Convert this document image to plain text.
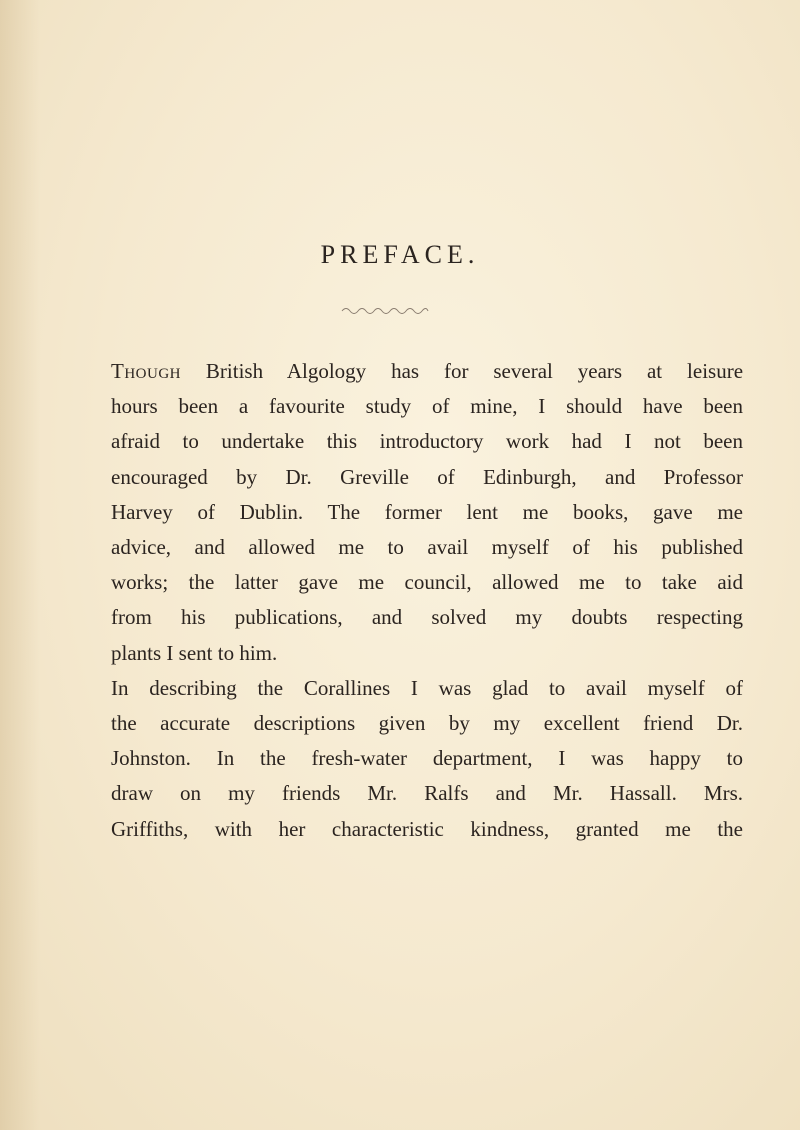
PREFACE.
Though British Algology has for several years at leisure
hours been a favourite study of mine, I should have been
afraid to undertake this introductory work had I not been
encouraged by Dr. Greville of Edinburgh, and Professor
Harvey of Dublin. The former lent me books, gave me
advice, and allowed me to avail myself of his published
works; the latter gave me council, allowed me to take aid
from his publications, and solved my doubts respecting
plants I sent to him.
In describing the Corallines I was glad to avail myself of
the accurate descriptions given by my excellent friend Dr.
Johnston. In the fresh-water department, I was happy to
draw on my friends Mr. Ralfs and Mr. Hassall. Mrs.
Griffiths, with her characteristic kindness, granted me the
